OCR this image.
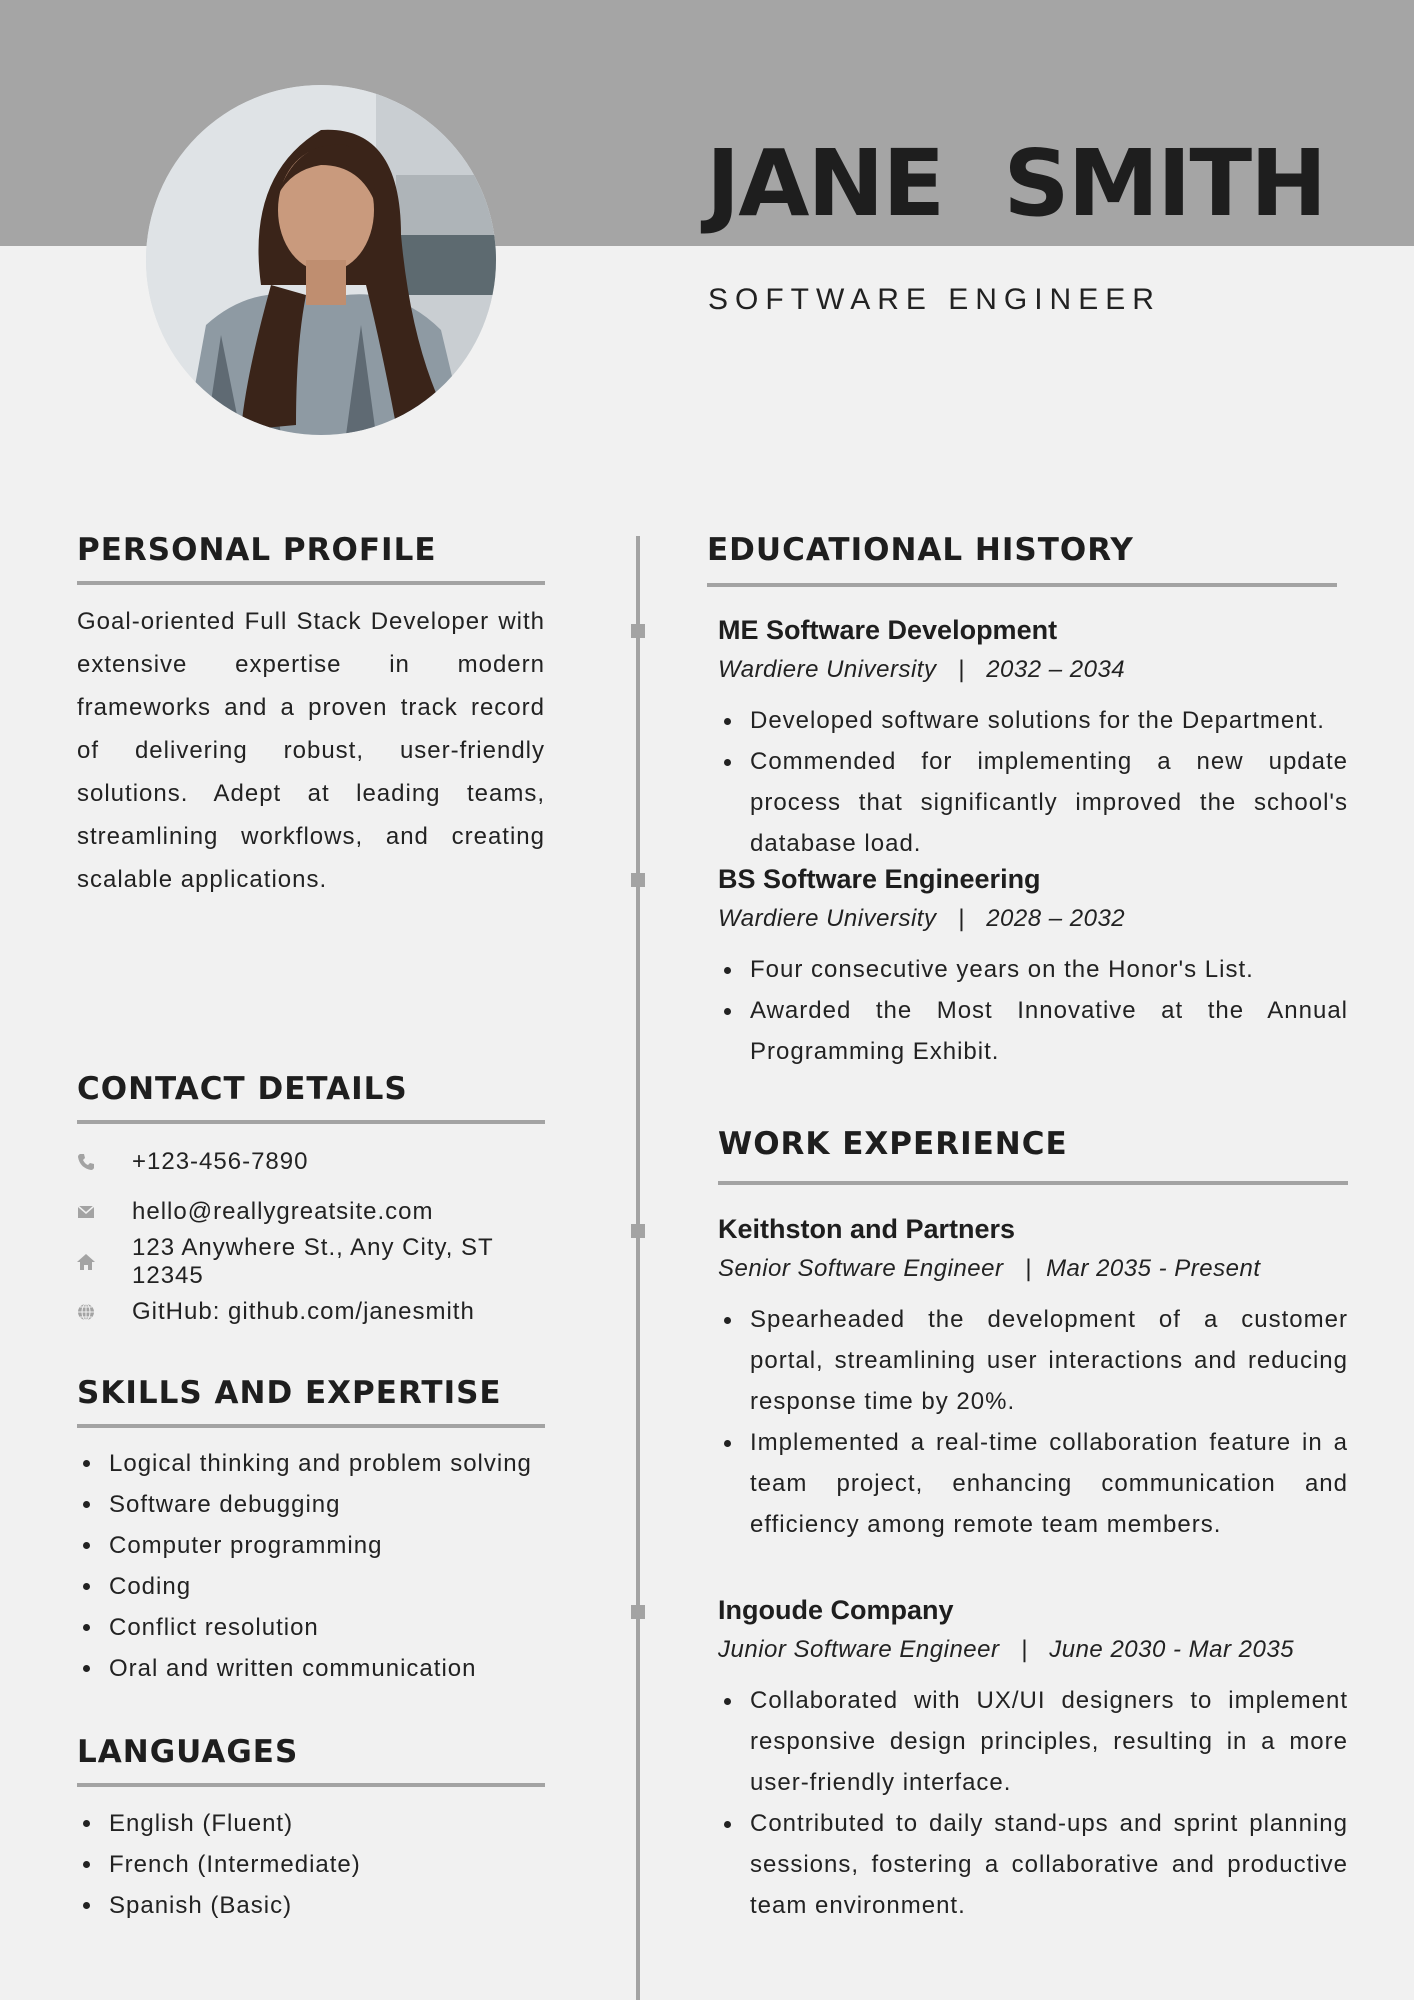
JANE  SMITH
SOFTWARE ENGINEER
PERSONAL PROFILE
Goal-oriented Full Stack Developer with extensive expertise in modern frameworks and a proven track record of delivering robust, user-friendly solutions. Adept at leading teams, streamlining workflows, and creating scalable applications.
CONTACT DETAILS
+123-456-7890
hello@reallygreatsite.com
123 Anywhere St., Any City, ST 12345
GitHub: github.com/janesmith
SKILLS AND EXPERTISE
Logical thinking and problem solving
Software debugging
Computer programming
Coding
Conflict resolution
Oral and written communication
LANGUAGES
English (Fluent)
French (Intermediate)
Spanish (Basic)
EDUCATIONAL HISTORY
ME Software Development
Wardiere University   |   2032 – 2034
Developed software solutions for the Department.
Commended for implementing a new update process that significantly improved the school's database load.
BS Software Engineering
Wardiere University   |   2028 – 2032
Four consecutive years on the Honor's List.
Awarded the Most Innovative at the Annual Programming Exhibit.
WORK EXPERIENCE
Keithston and Partners
Senior Software Engineer   |  Mar 2035 - Present
Spearheaded the development of a customer portal, streamlining user interactions and reducing response time by 20%.
Implemented a real-time collaboration feature in a team project, enhancing communication and efficiency among remote team members.
Ingoude Company
Junior Software Engineer   |   June 2030 - Mar 2035
Collaborated with UX/UI designers to implement responsive design principles, resulting in a more user-friendly interface.
Contributed to daily stand-ups and sprint planning sessions, fostering a collaborative and productive team environment.
